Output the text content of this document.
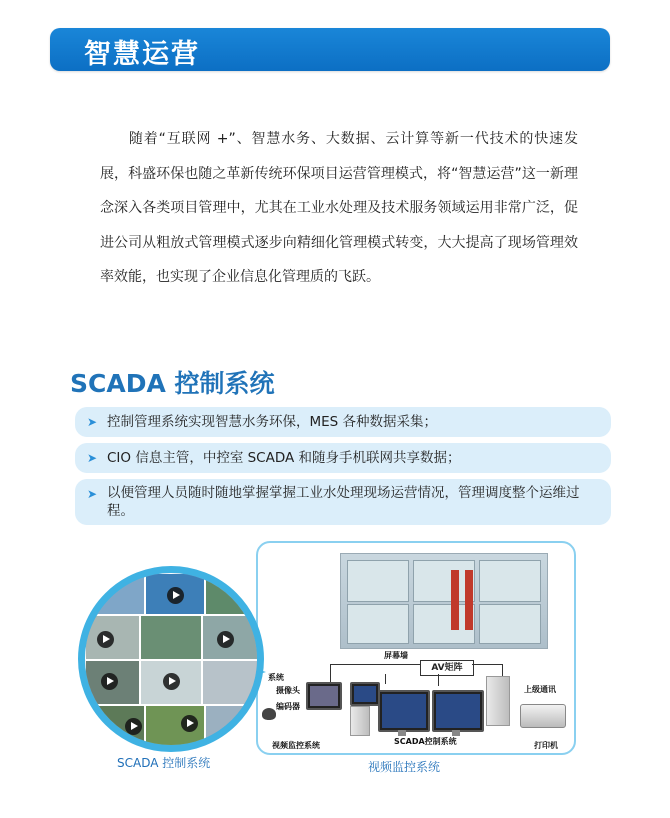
智慧运营
随着“互联网 +”、智慧水务、大数据、云计算等新一代技术的快速发展，科盛环保也随之革新传统环保项目运营管理模式，将“智慧运营”这一新理念深入各类项目管理中，尤其在工业水处理及技术服务领域运用非常广泛，促进公司从粗放式管理模式逐步向精细化管理模式转变，大大提高了现场管理效率效能，也实现了企业信息化管理质的飞跃。
SCADA 控制系统
➤ 控制管理系统实现智慧水务环保，MES 各种数据采集；
➤ CIO 信息主管，中控室 SCADA 和随身手机联网共享数据；
➤ 以便管理人员随时随地掌握掌握工业水处理现场运营情况，管理调度整个运维过程。
屏幕墙
AV矩阵
系统
摄像头
编码器
上级通讯
视频监控系统	SCADA控制系统	打印机
SCADA 控制系统	视频监控系统
